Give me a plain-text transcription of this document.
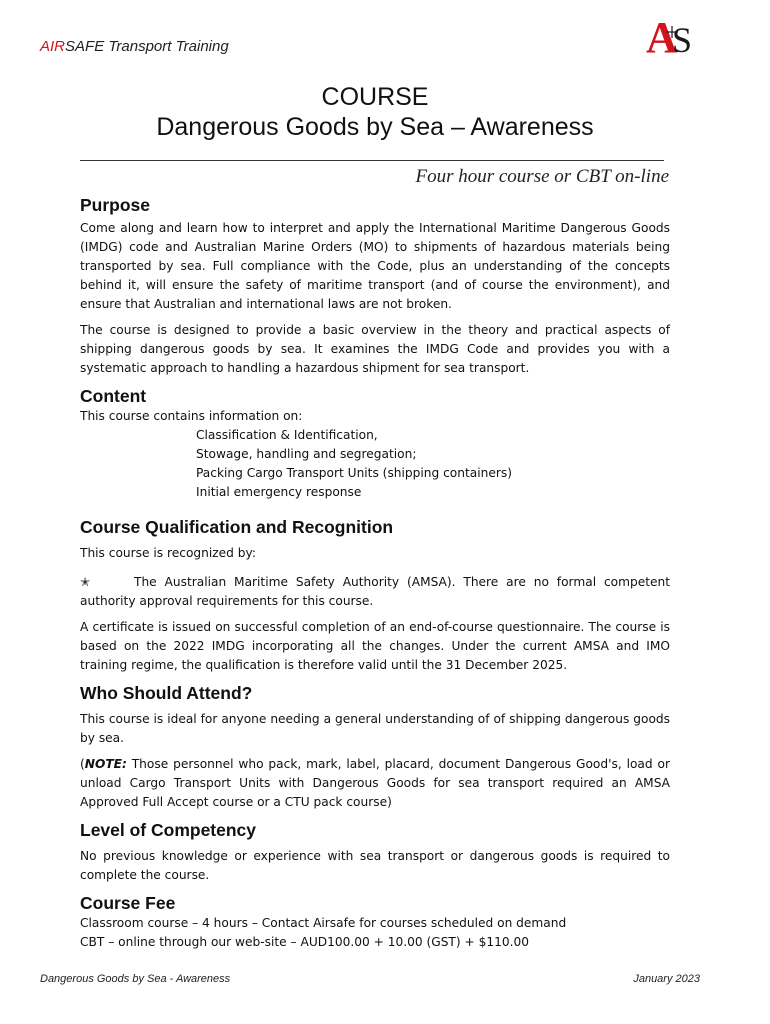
AIRSAFE Transport Training	A
S
COURSE
Dangerous Goods by Sea – Awareness
Four hour course or CBT on-line
Purpose

Come along and learn how to interpret and apply the International Maritime Dangerous Goods (IMDG) code and Australian Marine Orders (MO) to shipments of hazardous materials being transported by sea. Full compliance with the Code, plus an understanding of the concepts behind it, will ensure the safety of maritime transport (and of course the environment), and ensure that Australian and international laws are not broken.

The course is designed to provide a basic overview in the theory and practical aspects of shipping dangerous goods by sea. It examines the IMDG Code and provides you with a systematic approach to handling a hazardous shipment for sea transport.

Content
This course contains information on:
Classification & Identification,
Stowage, handling and segregation;
Packing Cargo Transport Units (shipping containers)
Initial emergency response
Course Qualification and Recognition

This course is recognized by:

✭	The Australian Maritime Safety Authority (AMSA). There are no formal competent authority approval requirements for this course.

A certificate is issued on successful completion of an end-of-course questionnaire. The course is based on the 2022 IMDG incorporating all the changes. Under the current AMSA and IMO training regime, the qualification is therefore valid until the 31 December 2025.

Who Should Attend?

This course is ideal for anyone needing a general understanding of of shipping dangerous goods by sea.

(NOTE: Those personnel who pack, mark, label, placard, document Dangerous Good's, load or unload Cargo Transport Units with Dangerous Goods for sea transport required an AMSA Approved Full Accept course or a CTU pack course)

Level of Competency

No previous knowledge or experience with sea transport or dangerous goods is required to complete the course.

Course Fee
Classroom course – 4 hours – Contact Airsafe for courses scheduled on demand
CBT – online through our web-site – AUD100.00 + 10.00 (GST) + $110.00
Dangerous Goods by Sea - Awareness	January 2023
